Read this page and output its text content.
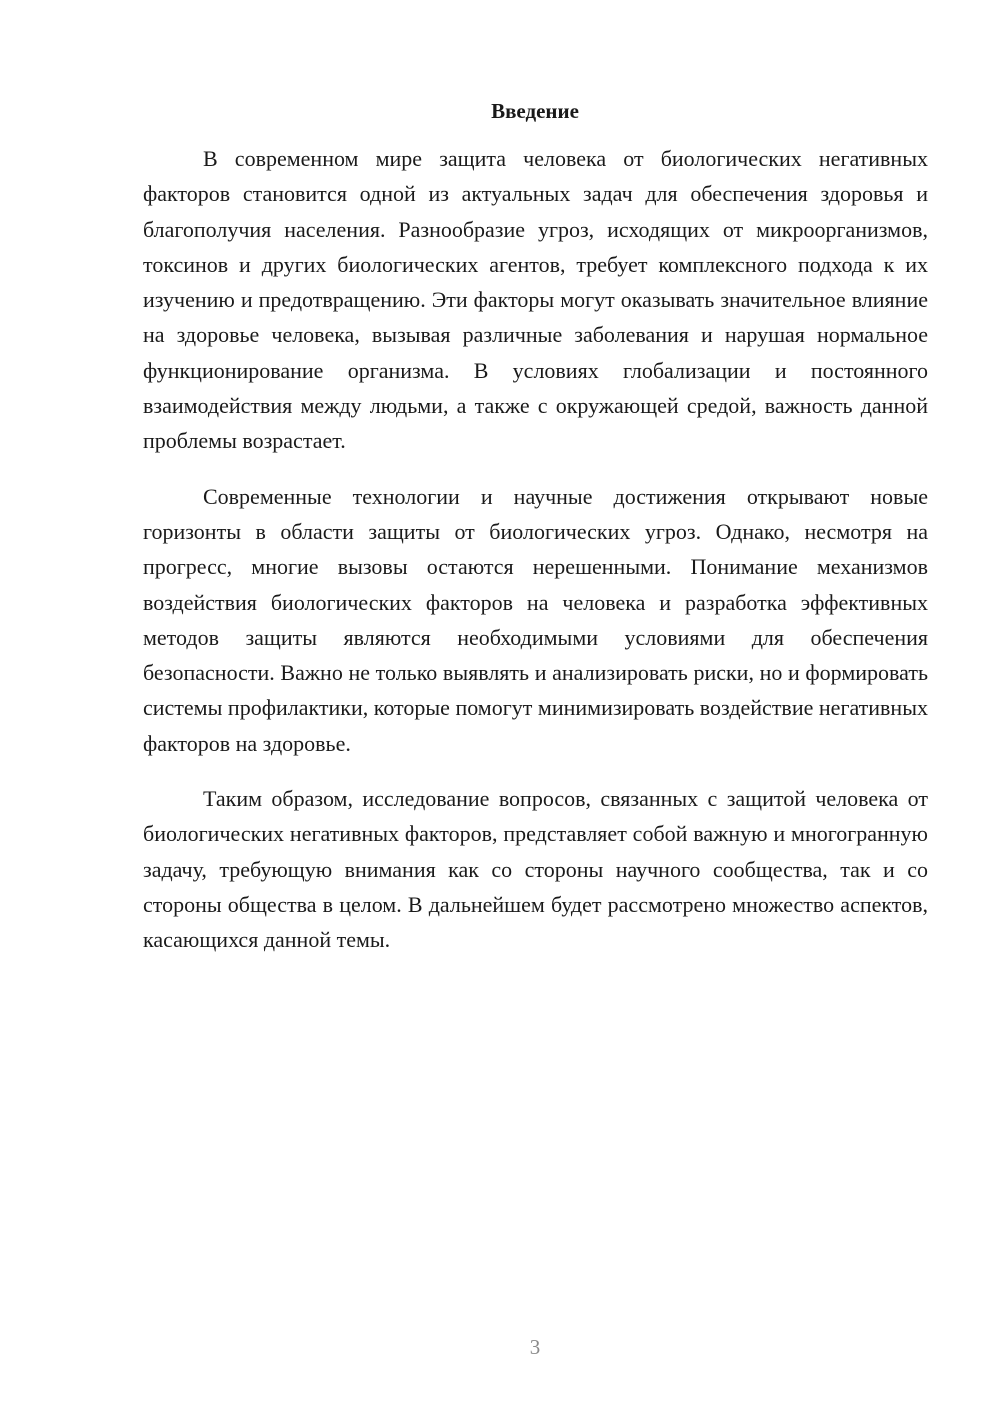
Введение

В современном мире защита человека от биологических негативных факторов становится одной из актуальных задач для обеспечения здоровья и благополучия населения. Разнообразие угроз, исходящих от микроорганизмов, токсинов и других биологических агентов, требует комплексного подхода к их изучению и предотвращению. Эти факторы могут оказывать значительное влияние на здоровье человека, вызывая различные заболевания и нарушая нормальное функционирование организма. В условиях глобализации и постоянного взаимодействия между людьми, а также с окружающей средой, важность данной проблемы возрастает.

Современные технологии и научные достижения открывают новые горизонты в области защиты от биологических угроз. Однако, несмотря на прогресс, многие вызовы остаются нерешенными. Понимание механизмов воздействия биологических факторов на человека и разработка эффективных методов защиты являются необходимыми условиями для обеспечения безопасности. Важно не только выявлять и анализировать риски, но и формировать системы профилактики, которые помогут минимизировать воздействие негативных факторов на здоровье.

Таким образом, исследование вопросов, связанных с защитой человека от биологических негативных факторов, представляет собой важную и многогранную задачу, требующую внимания как со стороны научного сообщества, так и со стороны общества в целом. В дальнейшем будет рассмотрено множество аспектов, касающихся данной темы.

3
